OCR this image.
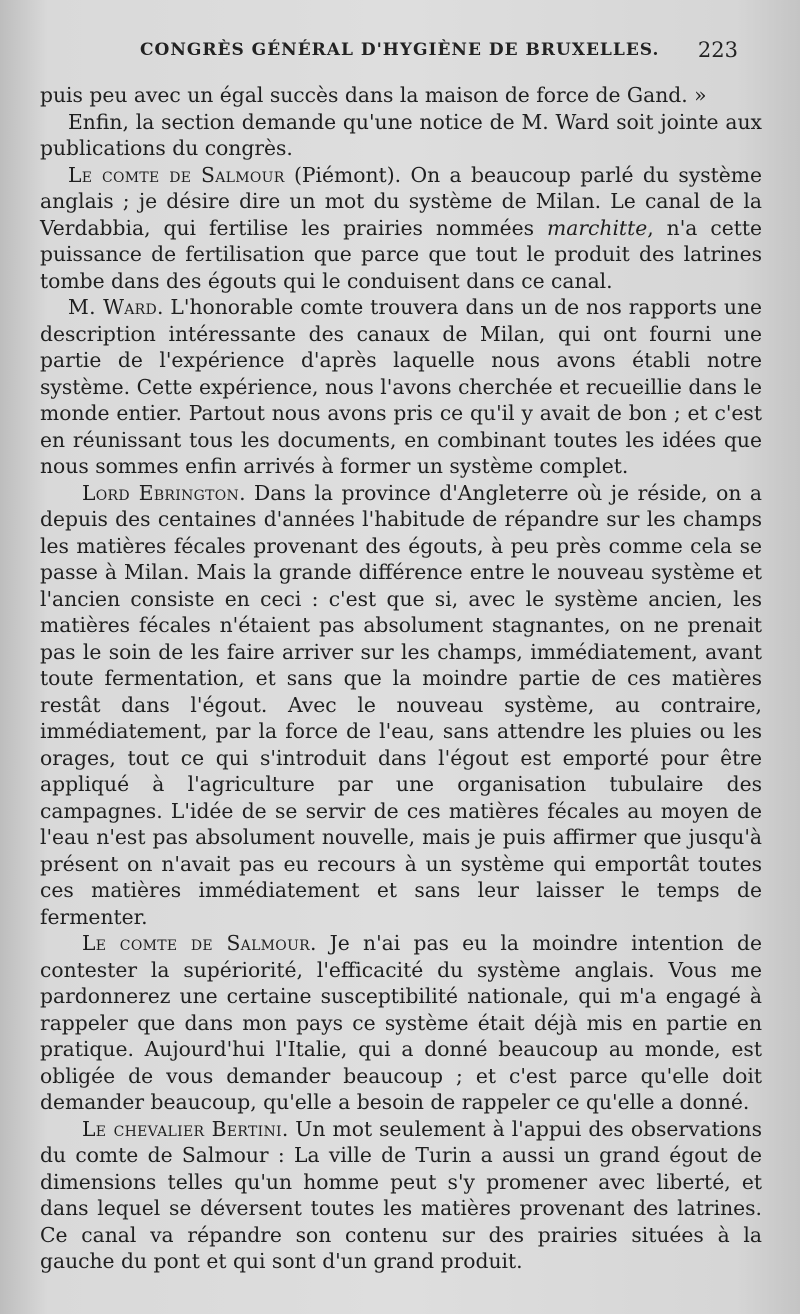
CONGRÈS GÉNÉRAL D'HYGIÈNE DE BRUXELLES.	223

puis peu avec un égal succès dans la maison de force de Gand. »

Enfin, la section demande qu'une notice de M. Ward soit jointe aux publications du congrès.

Le comte de Salmour (Piémont). On a beaucoup parlé du système anglais ; je désire dire un mot du système de Milan. Le canal de la Verdabbia, qui fertilise les prairies nommées marchitte, n'a cette puissance de fertilisation que parce que tout le produit des latrines tombe dans des égouts qui le conduisent dans ce canal.

M. Ward. L'honorable comte trouvera dans un de nos rapports une description intéressante des canaux de Milan, qui ont fourni une partie de l'expérience d'après laquelle nous avons établi notre système. Cette expérience, nous l'avons cherchée et recueillie dans le monde entier. Partout nous avons pris ce qu'il y avait de bon ; et c'est en réunissant tous les documents, en combinant toutes les idées que nous sommes enfin arrivés à former un système complet.

Lord Ebrington. Dans la province d'Angleterre où je réside, on a depuis des centaines d'années l'habitude de répandre sur les champs les matières fécales provenant des égouts, à peu près comme cela se passe à Milan. Mais la grande différence entre le nouveau système et l'ancien consiste en ceci : c'est que si, avec le système ancien, les matières fécales n'étaient pas absolument stagnantes, on ne prenait pas le soin de les faire arriver sur les champs, immédiatement, avant toute fermentation, et sans que la moindre partie de ces matières restât dans l'égout. Avec le nouveau système, au contraire, immédiatement, par la force de l'eau, sans attendre les pluies ou les orages, tout ce qui s'introduit dans l'égout est emporté pour être appliqué à l'agriculture par une organisation tubulaire des campagnes. L'idée de se servir de ces matières fécales au moyen de l'eau n'est pas absolument nouvelle, mais je puis affirmer que jusqu'à présent on n'avait pas eu recours à un système qui emportât toutes ces matières immédiatement et sans leur laisser le temps de fermenter.

Le comte de Salmour. Je n'ai pas eu la moindre intention de contester la supériorité, l'efficacité du système anglais. Vous me pardonnerez une certaine susceptibilité nationale, qui m'a engagé à rappeler que dans mon pays ce système était déjà mis en partie en pratique. Aujourd'hui l'Italie, qui a donné beaucoup au monde, est obligée de vous demander beaucoup ; et c'est parce qu'elle doit demander beaucoup, qu'elle a besoin de rappeler ce qu'elle a donné.

Le chevalier Bertini. Un mot seulement à l'appui des observations du comte de Salmour : La ville de Turin a aussi un grand égout de dimensions telles qu'un homme peut s'y promener avec liberté, et dans lequel se déversent toutes les matières provenant des latrines. Ce canal va répandre son contenu sur des prairies situées à la gauche du pont et qui sont d'un grand produit.
